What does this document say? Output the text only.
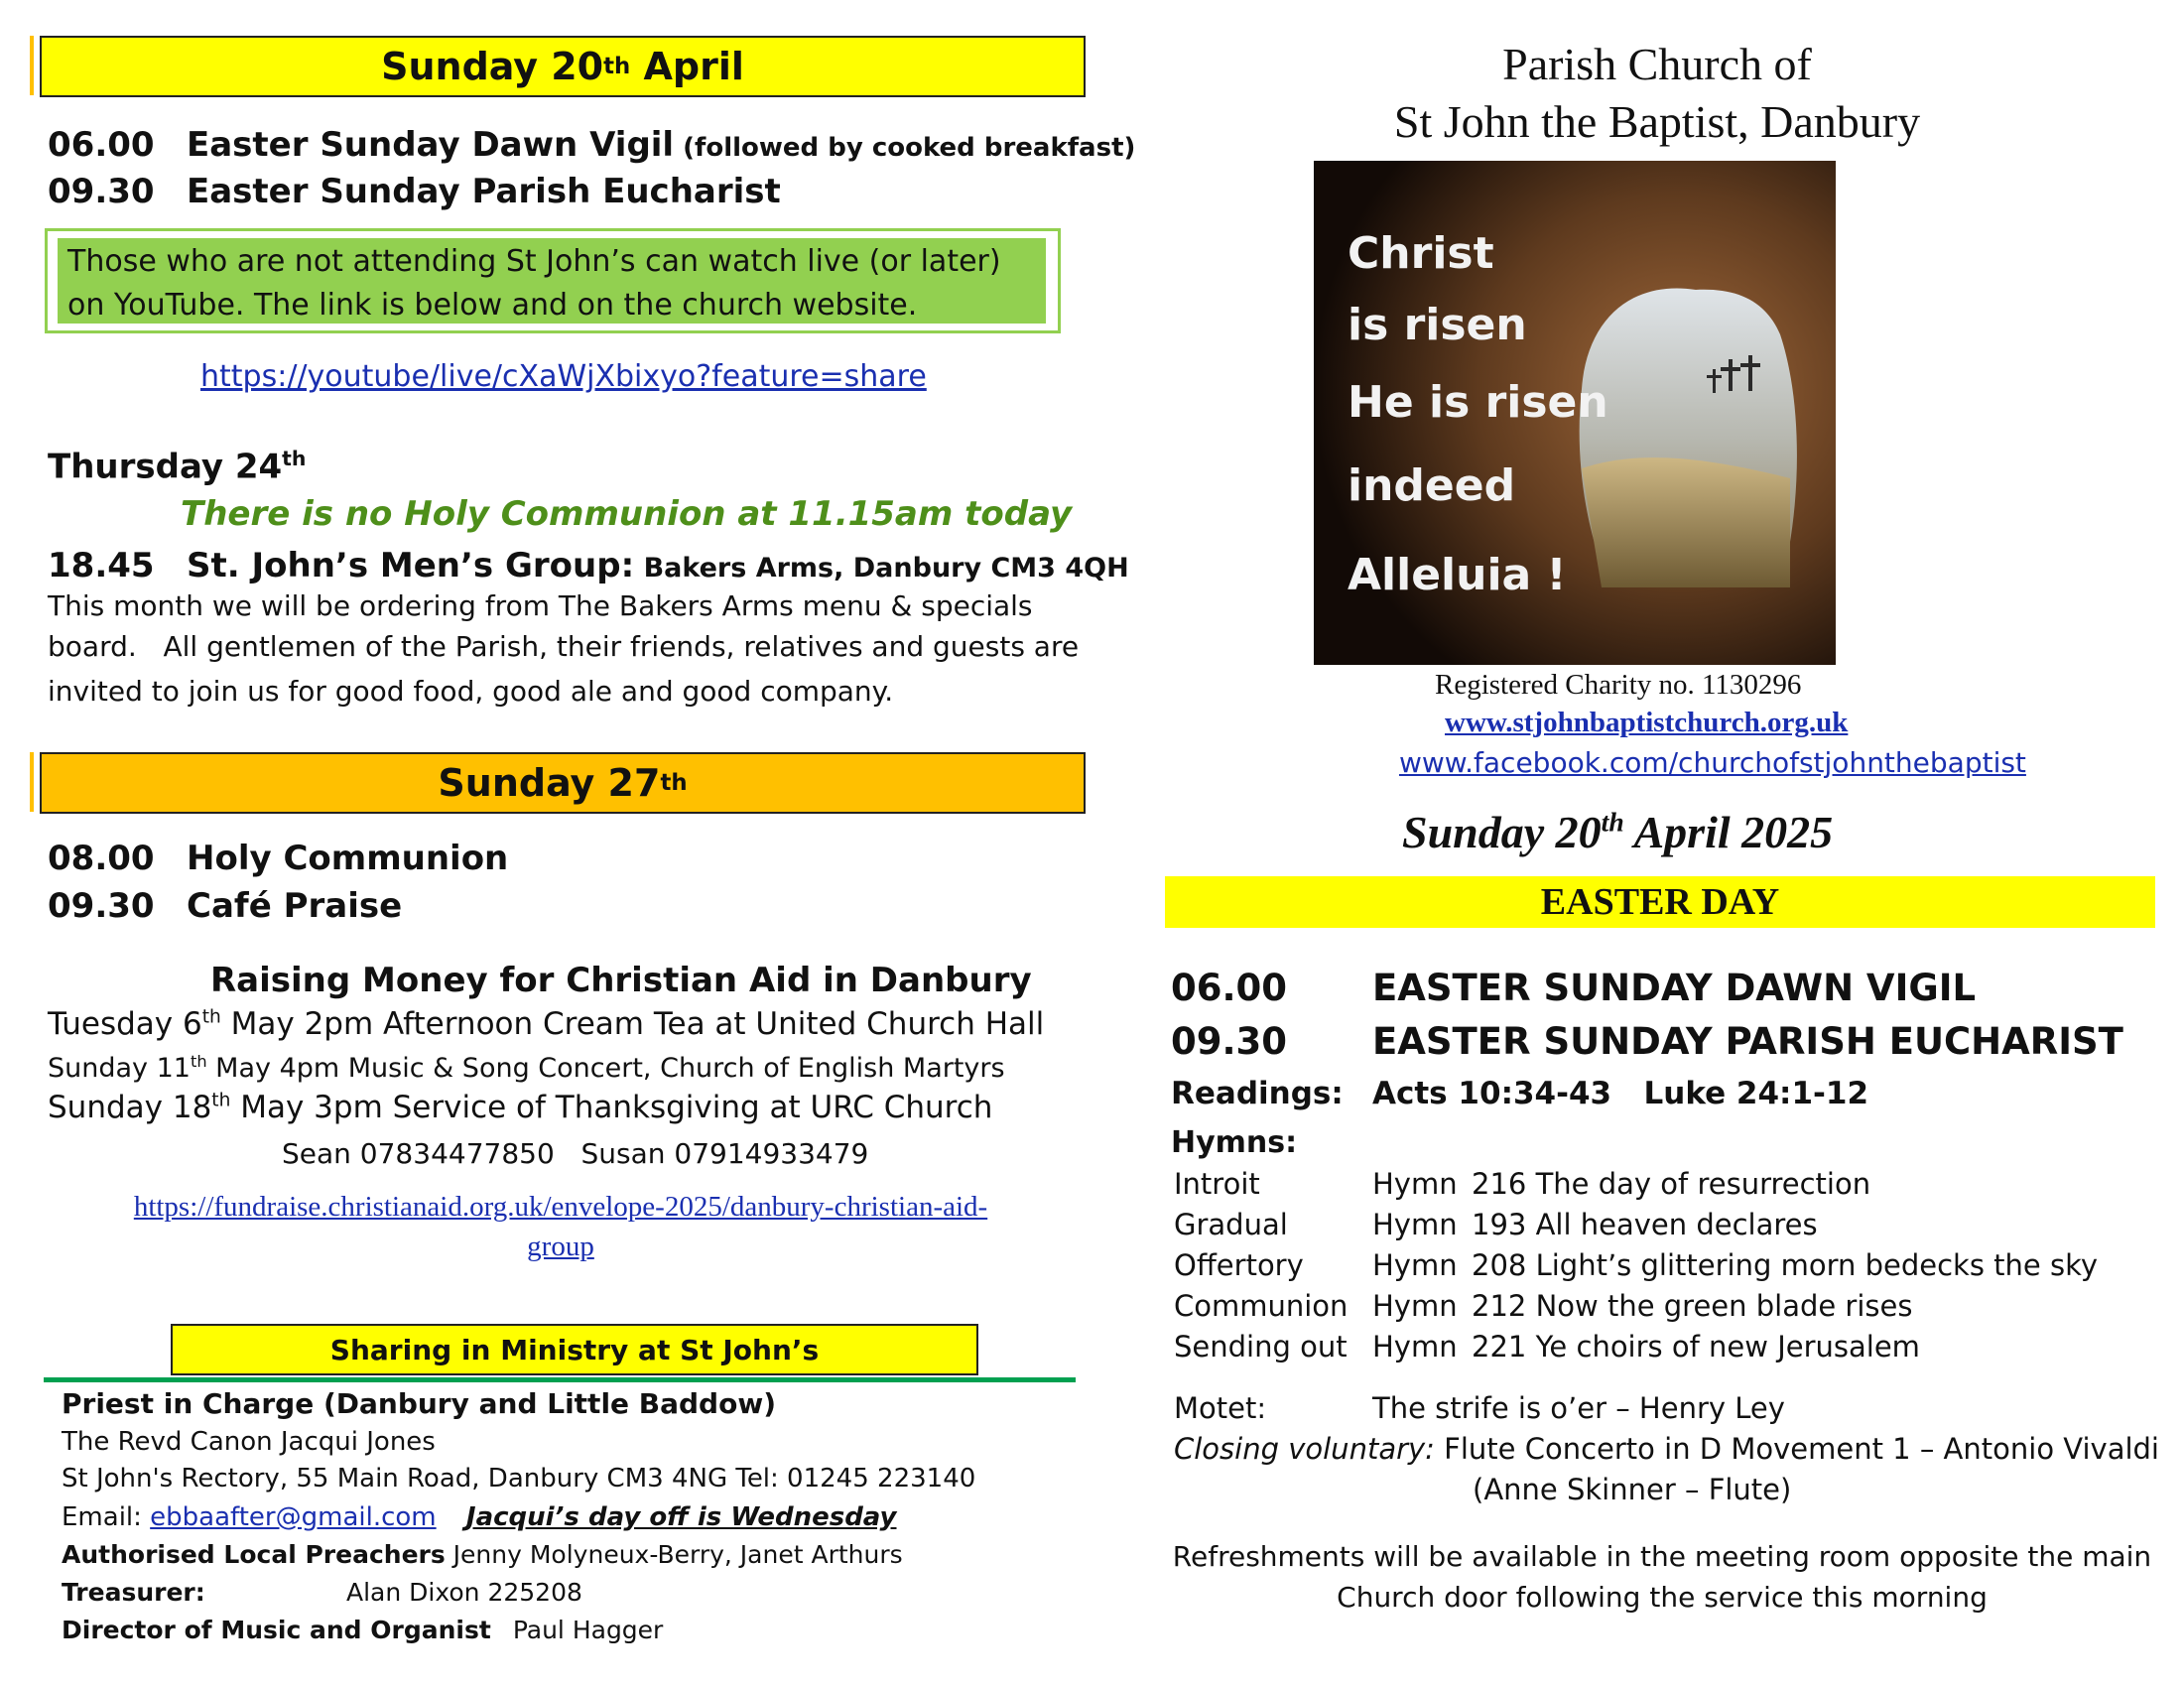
Sunday 20 th April
06.00 Easter Sunday Dawn Vigil (followed by cooked breakfast)
09.30 Easter Sunday Parish Eucharist
Those who are not attending St John’s can watch live (or later) on YouTube. The link is below and on the church website.
https://youtube/live/cXaWjXbixyo?feature=share
Thursday 24th
There is no Holy Communion at 11.15am today
18.45 St. John’s Men’s Group: Bakers Arms, Danbury CM3 4QH
This month we will be ordering from The Bakers Arms menu & specials
board.   All gentlemen of the Parish, their friends, relatives and guests are
invited to join us for good food, good ale and good company.
Sunday 27 th
08.00 Holy Communion
09.30 Café Praise
Raising Money for Christian Aid in Danbury
Tuesday 6th May 2pm Afternoon Cream Tea at United Church Hall
Sunday 11th May 4pm Music & Song Concert, Church of English Martyrs
Sunday 18th May 3pm Service of Thanksgiving at URC Church
Sean 07834477850   Susan 07914933479
https://fundraise.christianaid.org.uk/envelope-2025/danbury-christian-aid-
group
Sharing in Ministry at St John’s
Priest in Charge (Danbury and Little Baddow)
The Revd Canon Jacqui Jones
St John's Rectory, 55 Main Road, Danbury CM3 4NG Tel: 01245 223140
Email: ebbaafter@gmail.com Jacqui’s day off is Wednesday
Authorised Local Preachers Jenny Molyneux-Berry, Janet Arthurs
Treasurer:	Alan Dixon 225208
Director of Music and Organist Paul Hagger
Parish Church of
St John the Baptist, Danbury
Christ
is risen
He is risen
indeed
Alleluia !
Registered Charity no. 1130296
www.stjohnbaptistchurch.org.uk
www.facebook.com/churchofstjohnthebaptist
Sunday 20th April 2025
EASTER DAY
06.00	EASTER SUNDAY DAWN VIGIL
09.30	EASTER SUNDAY PARISH EUCHARIST
Readings: Acts 10:34-43   Luke 24:1-12
Hymns:
Introit	Hymn 216 The day of resurrection
Gradual	Hymn 193 All heaven declares
Offertory Hymn 208 Light’s glittering morn bedecks the sky
Communion Hymn 212 Now the green blade rises
Sending out Hymn 221 Ye choirs of new Jerusalem
Motet:	The strife is o’er – Henry Ley
Closing voluntary: Flute Concerto in D Movement 1 – Antonio Vivaldi
(Anne Skinner – Flute)
Refreshments will be available in the meeting room opposite the main
Church door following the service this morning
